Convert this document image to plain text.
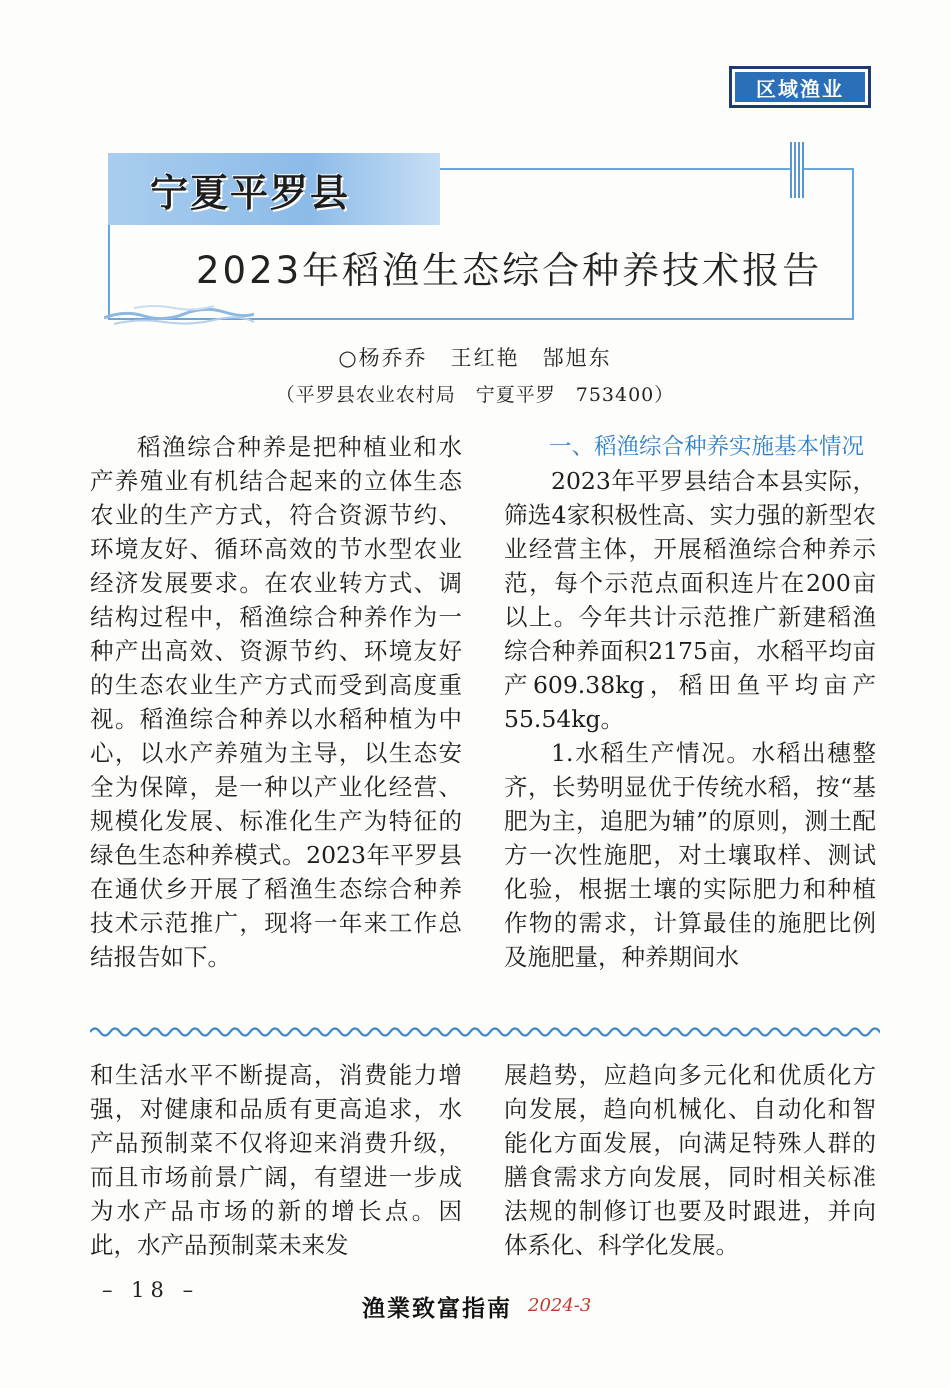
区域渔业
宁夏平罗县
2023年稻渔生态综合种养技术报告
○杨乔乔　王红艳　郜旭东
（平罗县农业农村局　宁夏平罗　753400）

稻渔综合种养是把种植业和水产养殖业有机结合起来的立体生态农业的生产方式，符合资源节约、环境友好、循环高效的节水型农业经济发展要求。在农业转方式、调结构过程中，稻渔综合种养作为一种产出高效、资源节约、环境友好的生态农业生产方式而受到高度重视。稻渔综合种养以水稻种植为中心，以水产养殖为主导，以生态安全为保障，是一种以产业化经营、规模化发展、标准化生产为特征的绿色生态种养模式。2023年平罗县在通伏乡开展了稻渔生态综合种养技术示范推广，现将一年来工作总结报告如下。

一、稻渔综合种养实施基本情况

2023年平罗县结合本县实际，筛选4家积极性高、实力强的新型农业经营主体，开展稻渔综合种养示范，每个示范点面积连片在200亩以上。今年共计示范推广新建稻渔综合种养面积2175亩，水稻平均亩产609.38kg，稻田鱼平均亩产55.54kg。

1.水稻生产情况。水稻出穗整齐，长势明显优于传统水稻，按“基肥为主，追肥为辅”的原则，测土配方一次性施肥，对土壤取样、测试化验，根据土壤的实际肥力和种植作物的需求，计算最佳的施肥比例及施肥量，种养期间水

和生活水平不断提高，消费能力增强，对健康和品质有更高追求，水产品预制菜不仅将迎来消费升级，而且市场前景广阔，有望进一步成为水产品市场的新的增长点。因此，水产品预制菜未来发

展趋势，应趋向多元化和优质化方向发展，趋向机械化、自动化和智能化方面发展，向满足特殊人群的膳食需求方向发展，同时相关标准法规的制修订也要及时跟进，并向体系化、科学化发展。

– 18 –
渔業致富指南 2024-3
